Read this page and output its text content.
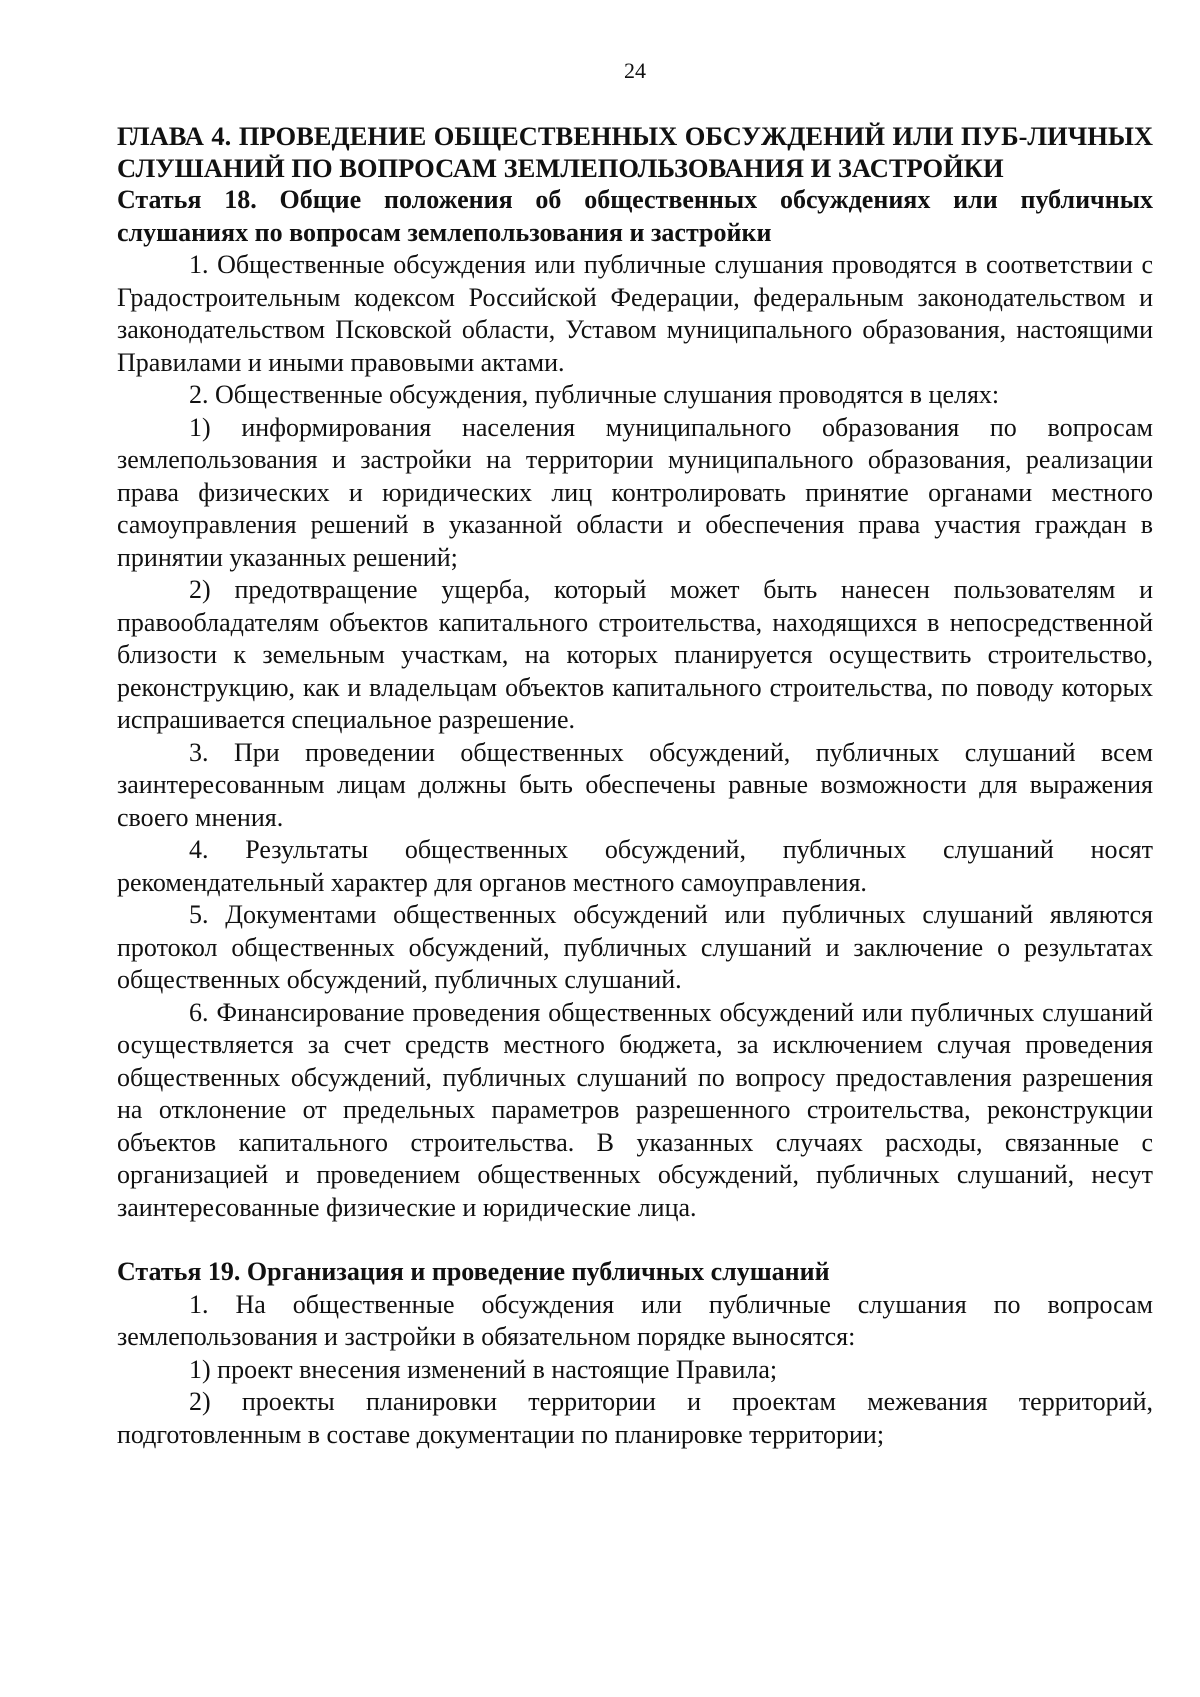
24
ГЛАВА 4. ПРОВЕДЕНИЕ ОБЩЕСТВЕННЫХ ОБСУЖДЕНИЙ ИЛИ ПУБ-ЛИЧНЫХ СЛУШАНИЙ ПО ВОПРОСАМ ЗЕМЛЕПОЛЬЗОВАНИЯ И ЗАСТРОЙКИ
Статья 18. Общие положения об общественных обсуждениях или публичных слушаниях по вопросам землепользования и застройки

1. Общественные обсуждения или публичные слушания проводятся в соответствии с Градостроительным кодексом Российской Федерации, федеральным законодательством и законодательством Псковской области, Уставом муниципального образования, настоящими Правилами и иными правовыми актами.

2. Общественные обсуждения, публичные слушания проводятся в целях:

1) информирования населения муниципального образования по вопросам землепользования и застройки на территории муниципального образования, реализации права физических и юридических лиц контролировать принятие органами местного самоуправления решений в указанной области и обеспечения права участия граждан в принятии указанных решений;

2) предотвращение ущерба, который может быть нанесен пользователям и правообладателям объектов капитального строительства, находящихся в непосредственной близости к земельным участкам, на которых планируется осуществить строительство, реконструкцию, как и владельцам объектов капитального строительства, по поводу которых испрашивается специальное разрешение.

3. При проведении общественных обсуждений, публичных слушаний всем заинтересованным лицам должны быть обеспечены равные возможности для выражения своего мнения.

4. Результаты общественных обсуждений, публичных слушаний носят рекомендательный характер для органов местного самоуправления.

5. Документами общественных обсуждений или публичных слушаний являются протокол общественных обсуждений, публичных слушаний и заключение о результатах общественных обсуждений, публичных слушаний.

6. Финансирование проведения общественных обсуждений или публичных слушаний осуществляется за счет средств местного бюджета, за исключением случая проведения общественных обсуждений, публичных слушаний по вопросу предоставления разрешения на отклонение от предельных параметров разрешенного строительства, реконструкции объектов капитального строительства. В указанных случаях расходы, связанные с организацией и проведением общественных обсуждений, публичных слушаний, несут заинтересованные физические и юридические лица.

Статья 19. Организация и проведение публичных слушаний

1. На общественные обсуждения или публичные слушания по вопросам землепользования и застройки в обязательном порядке выносятся:

1) проект внесения изменений в настоящие Правила;

2) проекты планировки территории и проектам межевания территорий, подготовленным в составе документации по планировке территории;
